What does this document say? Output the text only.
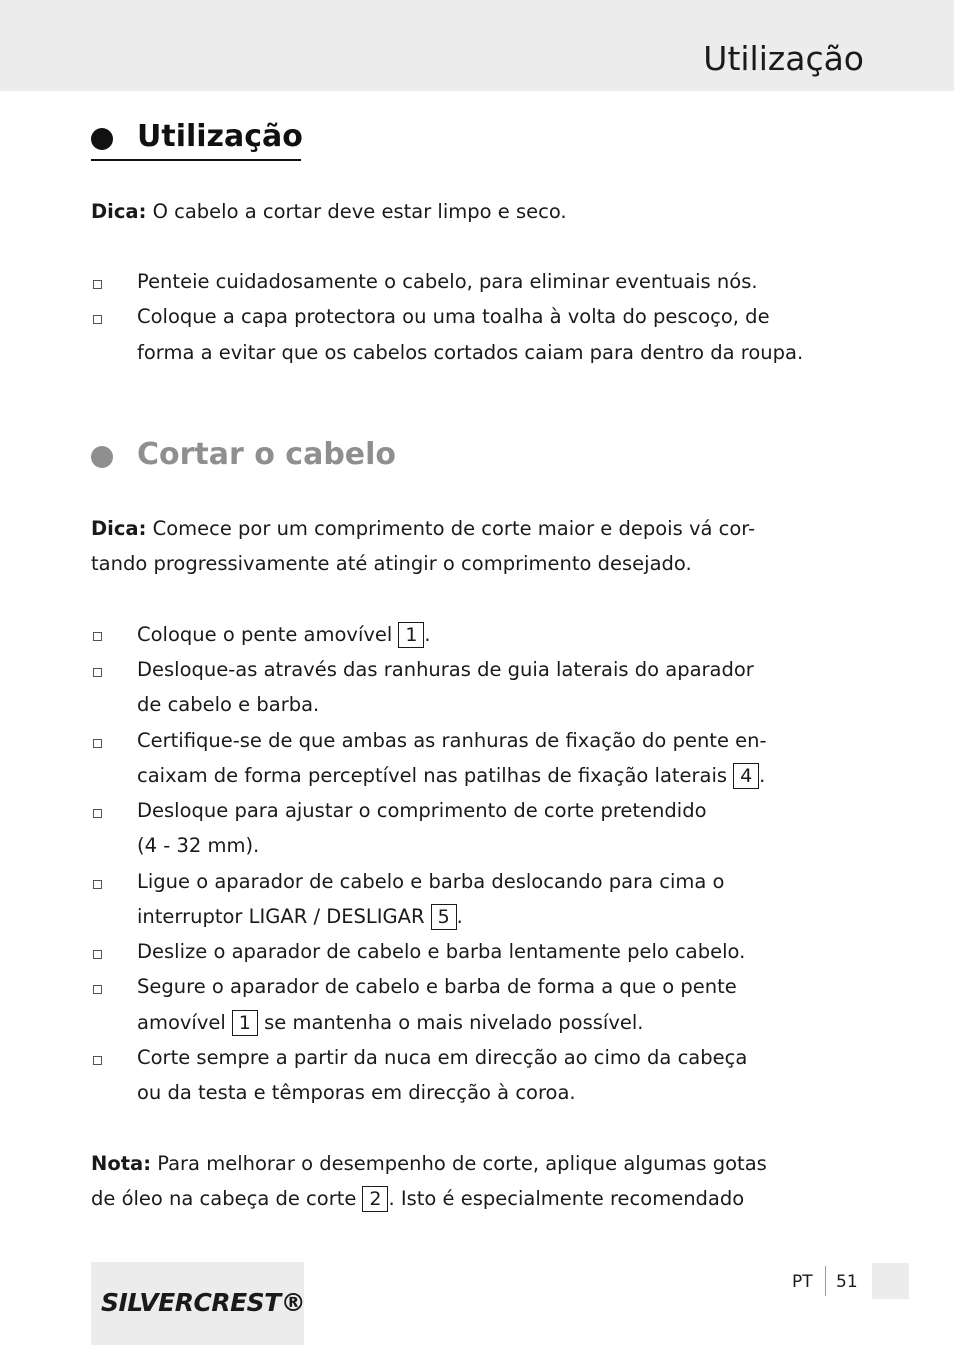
Utilização
Utilização
Dica: O cabelo a cortar deve estar limpo e seco.
Penteie cuidadosamente o cabelo, para eliminar eventuais nós.
Coloque a capa protectora ou uma toalha à volta do pescoço, de
forma a evitar que os cabelos cortados caiam para dentro da roupa.
Cortar o cabelo
Dica: Comece por um comprimento de corte maior e depois vá cor-
tando progressivamente até atingir o comprimento desejado.
Coloque o pente amovível 1 .
Desloque-as através das ranhuras de guia laterais do aparador
de cabelo e barba.
Certifique-se de que ambas as ranhuras de fixação do pente en-
caixam de forma perceptível nas patilhas de fixação laterais 4 .
Desloque para ajustar o comprimento de corte pretendido
(4 - 32 mm).
Ligue o aparador de cabelo e barba deslocando para cima o
interruptor LIGAR / DESLIGAR 5 .
Deslize o aparador de cabelo e barba lentamente pelo cabelo.
Segure o aparador de cabelo e barba de forma a que o pente
amovível 1 se mantenha o mais nivelado possível.
Corte sempre a partir da nuca em direcção ao cimo da cabeça
ou da testa e têmporas em direcção à coroa.
Nota: Para melhorar o desempenho de corte, aplique algumas gotas
de óleo na cabeça de corte 2 . Isto é especialmente recomendado
SILVERCREST®
PT 51
